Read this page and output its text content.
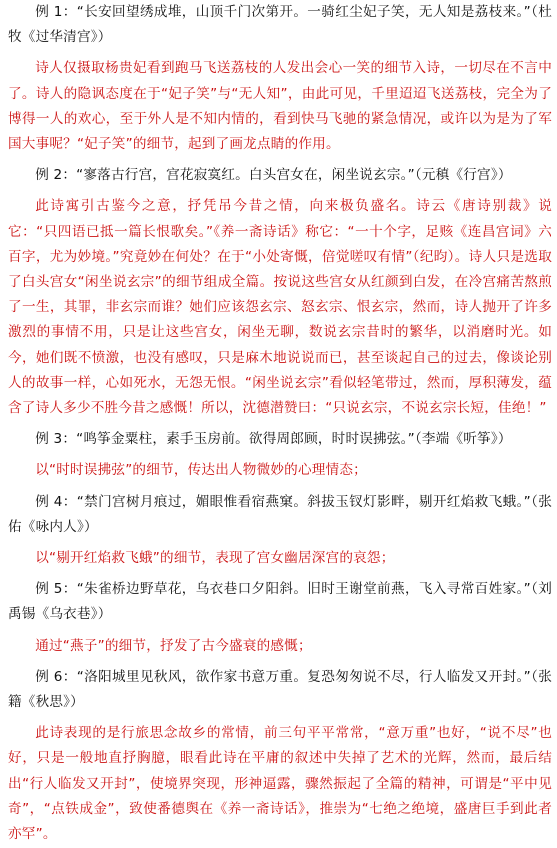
例 1：“长安回望绣成堆，山顶千门次第开。一骑红尘妃子笑，无人知是荔枝来。”（杜牧《过华清宫》）

诗人仅摄取杨贵妃看到跑马飞送荔枝的人发出会心一笑的细节入诗，一切尽在不言中了。诗人的隐讽态度在于“妃子笑”与“无人知”，由此可见，千里迢迢飞送荔枝，完全为了博得一人的欢心，至于外人是不知内情的，看到快马飞驰的紧急情况，或许以为是为了军国大事呢？“妃子笑”的细节，起到了画龙点睛的作用。

例 2：“寥落古行宫，宫花寂寞红。白头宫女在，闲坐说玄宗。”（元稹《行宫》）

此诗寓引古鉴今之意，抒凭吊今昔之情，向来极负盛名。诗云《唐诗别裁》说它：“只四语已抵一篇长恨歌矣。”《养一斋诗话》称它：“一十个字，足赅《连昌宫词》六百字，尤为妙境。”究竟妙在何处？在于“小处寄慨，倍觉嗟叹有情”（纪昀）。诗人只是选取了白头宫女“闲坐说玄宗”的细节组成全篇。按说这些宫女从红颜到白发，在冷宫痛苦熬煎了一生，其罪，非玄宗而谁？她们应该怨玄宗、怒玄宗、恨玄宗，然而，诗人抛开了许多激烈的事情不用，只是让这些宫女，闲坐无聊，数说玄宗昔时的繁华，以消磨时光。如今，她们既不愤激，也没有感叹，只是麻木地说说而已，甚至谈起自己的过去，像谈论别人的故事一样，心如死水，无怨无恨。“闲坐说玄宗”看似轻笔带过，然而，厚积薄发，蕴含了诗人多少不胜今昔之感慨！所以，沈德潜赞曰：“只说玄宗，不说玄宗长短，佳绝！”

例 3：“鸣筝金粟柱，素手玉房前。欲得周郎顾，时时误拂弦。”（李端《听筝》）

以“时时误拂弦”的细节，传达出人物微妙的心理情态；

例 4：“禁门宫树月痕过，媚眼惟看宿燕窠。斜拔玉钗灯影畔，剔开红焰救飞蛾。”（张佑《咏内人》）

以“剔开红焰救飞蛾”的细节，表现了宫女幽居深宫的哀怨；

例 5：“朱雀桥边野草花，乌衣巷口夕阳斜。旧时王谢堂前燕，飞入寻常百姓家。”（刘禹锡《乌衣巷》）

通过“燕子”的细节，抒发了古今盛衰的感慨；

例 6：“洛阳城里见秋风，欲作家书意万重。复恐匆匆说不尽，行人临发又开封。”（张籍《秋思》）

此诗表现的是行旅思念故乡的常情，前三句平平常常，“意万重”也好，“说不尽”也好，只是一般地直抒胸臆，眼看此诗在平庸的叙述中失掉了艺术的光辉，然而，最后结出“行人临发又开封”，使境界突现，形神逼露，骤然振起了全篇的精神，可谓是“平中见奇”，“点铁成金”，致使番德舆在《养一斋诗话》，推崇为“七绝之绝境，盛唐巨手到此者亦罕”。
